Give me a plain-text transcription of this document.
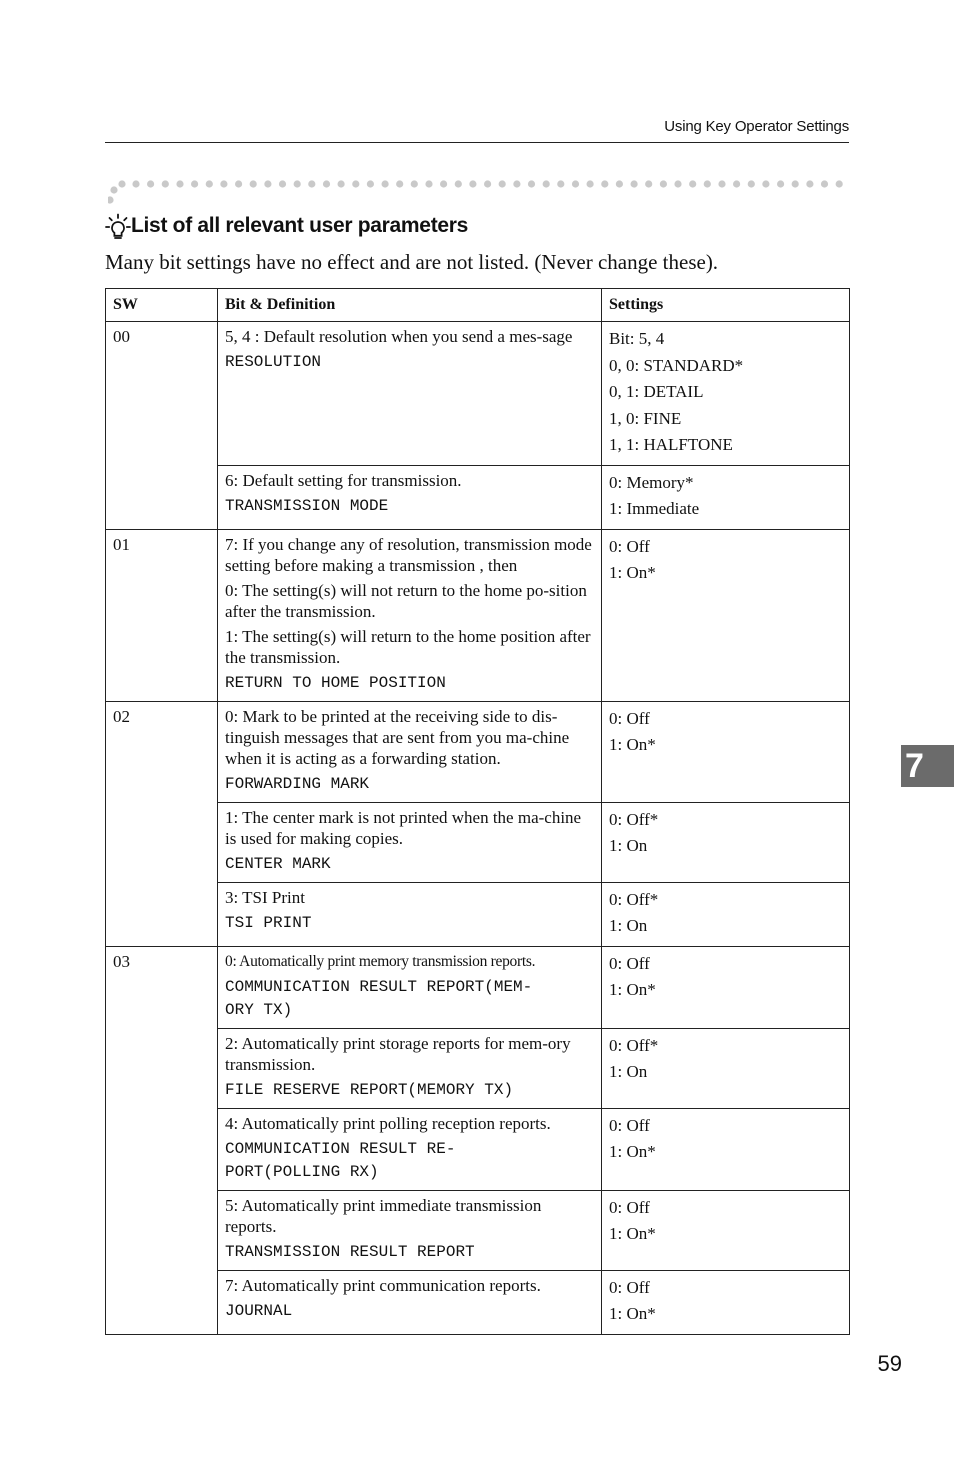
Using Key Operator Settings
List of all relevant user parameters
Many bit settings have no effect and are not listed. (Never change these).
SW	Bit & Definition	Settings
00	5, 4 : Default resolution when you send a mes-sage
RESOLUTION	Bit: 5, 4
0, 0: STANDARD*
0, 1: DETAIL
1, 0: FINE
1, 1: HALFTONE

	6: Default setting for transmission.
TRANSMISSION MODE	0: Memory*
1: Immediate

01	7: If you change any of resolution, transmission mode setting before making a transmission , then
0: The setting(s) will not return to the home po-sition after the transmission.
1: The setting(s) will return to the home position after the transmission.
RETURN TO HOME POSITION	0: Off
1: On*

02	0: Mark to be printed at the receiving side to dis-tinguish messages that are sent from you ma-chine when it is acting as a forwarding station.
FORWARDING MARK	0: Off
1: On*

	1: The center mark is not printed when the ma-chine is used for making copies.
CENTER MARK	0: Off*
1: On

	3: TSI Print
TSI PRINT	0: Off*
1: On

03	0: Automatically print memory transmission reports.
COMMUNICATION RESULT REPORT(MEM-
ORY TX)	0: Off
1: On*

	2: Automatically print storage reports for mem-ory transmission.
FILE RESERVE REPORT(MEMORY TX)	0: Off*
1: On

	4: Automatically print polling reception reports.
COMMUNICATION RESULT RE-
PORT(POLLING RX)	0: Off
1: On*

	5: Automatically print immediate transmission reports.
TRANSMISSION RESULT REPORT	0: Off
1: On*

	7: Automatically print communication reports.
JOURNAL	0: Off
1: On*
7
59
